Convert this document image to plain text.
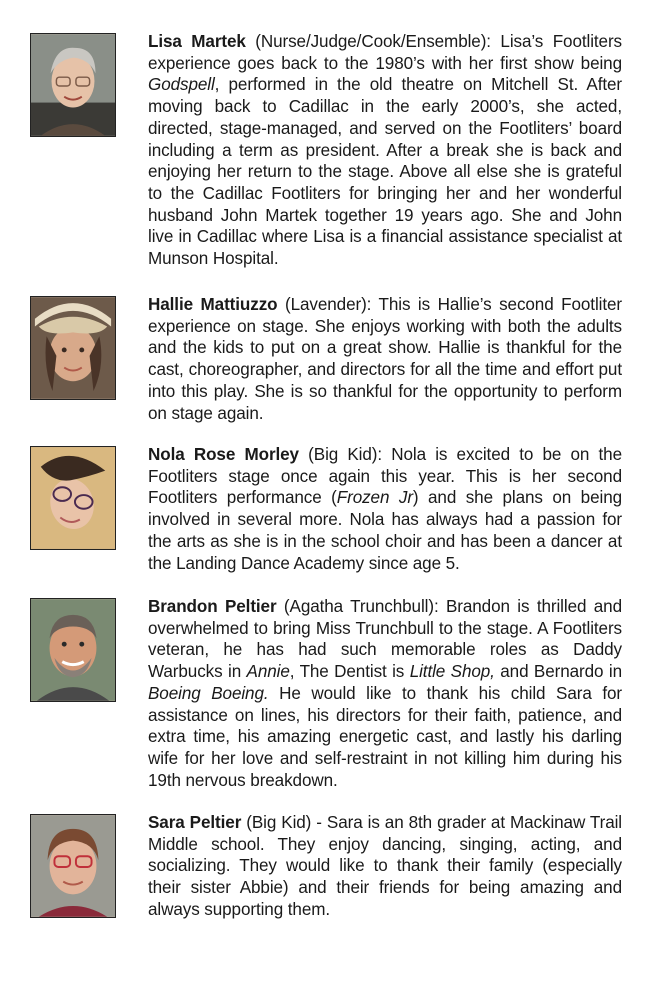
Lisa Martek (Nurse/Judge/Cook/Ensemble): Lisa’s Footliters experience goes back to the 1980’s with her first show being Godspell, performed in the old theatre on Mitchell St. After moving back to Cadillac in the early 2000’s, she acted, directed, stage-managed, and served on the Footliters’ board including a term as president. After a break she is back and enjoying her return to the stage. Above all else she is grateful to the Cadillac Footliters for bringing her and her wonderful husband John Martek together 19 years ago. She and John live in Cadillac where Lisa is a financial assistance specialist at Munson Hospital.
Hallie Mattiuzzo (Lavender): This is Hallie’s second Footliter experience on stage. She enjoys working with both the adults and the kids to put on a great show. Hallie is thankful for the cast, choreographer, and directors for all the time and effort put into this play. She is so thankful for the opportunity to perform on stage again.
Nola Rose Morley (Big Kid): Nola is excited to be on the Footliters stage once again this year. This is her second Footliters performance (Frozen Jr) and she plans on being involved in several more. Nola has always had a passion for the arts as she is in the school choir and has been a dancer at the Landing Dance Academy since age 5.
Brandon Peltier (Agatha Trunchbull): Brandon is thrilled and overwhelmed to bring Miss Trunchbull to the stage. A Footliters veteran, he has had such memorable roles as Daddy Warbucks in Annie, The Dentist is Little Shop, and Bernardo in Boeing Boeing. He would like to thank his child Sara for assistance on lines, his directors for their faith, patience, and extra time, his amazing energetic cast, and lastly his darling wife for her love and self-restraint in not killing him during his 19th nervous breakdown.
Sara Peltier (Big Kid) - Sara is an 8th grader at Mackinaw Trail Middle school. They enjoy dancing, singing, acting, and socializing. They would like to thank their family (especially their sister Abbie) and their friends for being amazing and always supporting them.
